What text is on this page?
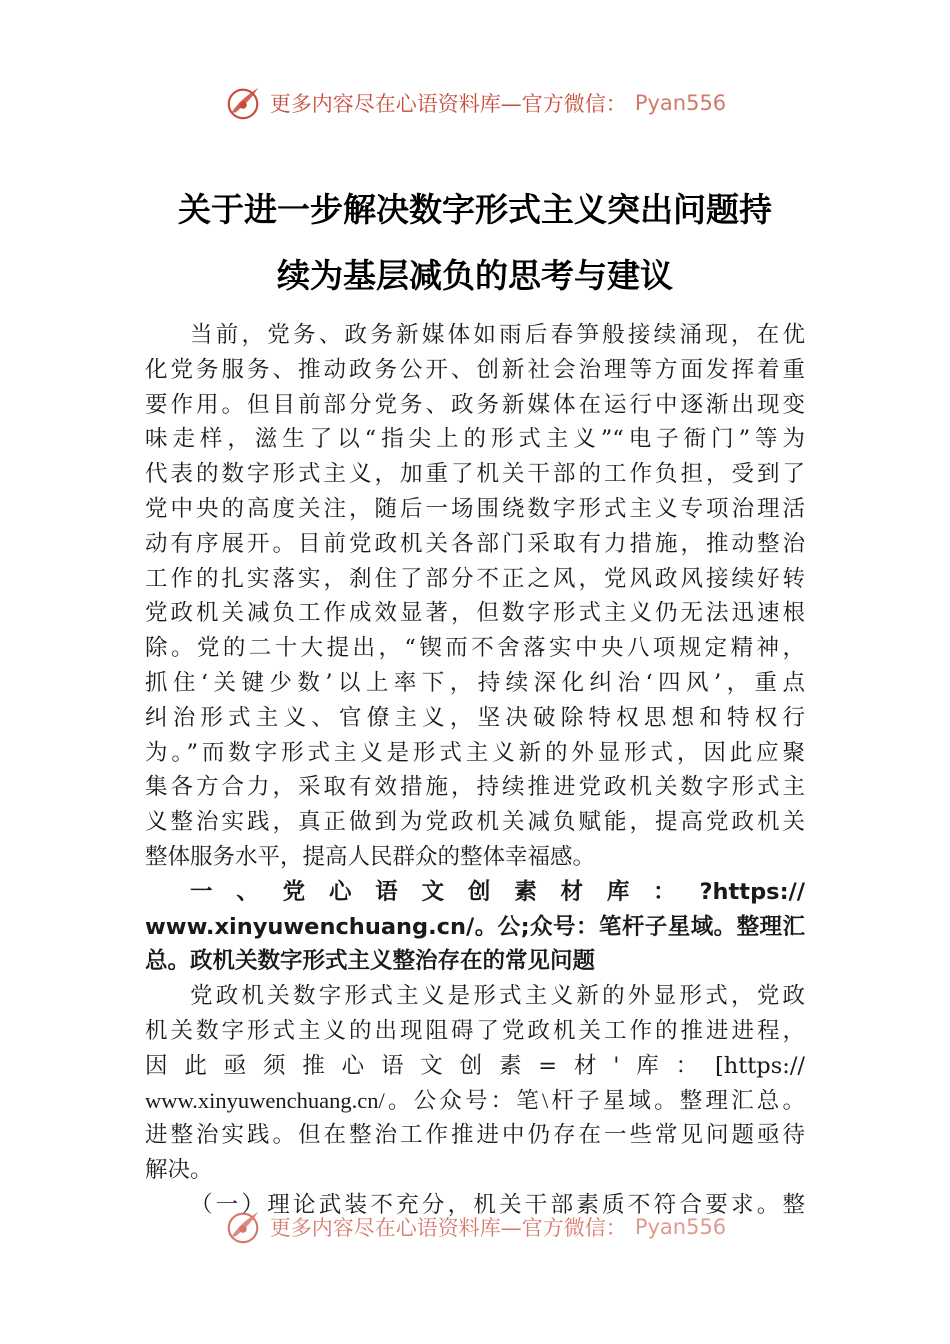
更多内容尽在心语资料库—官方微信： Pyan556
关于进一步解决数字形式主义突出问题持
续为基层减负的思考与建议
当前，党务、政务新媒体如雨后春笋般接续涌现，在优
化党务服务、推动政务公开、创新社会治理等方面发挥着重
要作用。但目前部分党务、政务新媒体在运行中逐渐出现变
味走样，滋生了以“指尖上的形式主义”“电子衙门”等为
代表的数字形式主义，加重了机关干部的工作负担，受到了
党中央的高度关注，随后一场围绕数字形式主义专项治理活
动有序展开。目前党政机关各部门采取有力措施，推动整治
工作的扎实落实，刹住了部分不正之风，党风政风接续好转
党政机关减负工作成效显著，但数字形式主义仍无法迅速根
除。党的二十大提出，“锲而不舍落实中央八项规定精神，
抓住‘关键少数’以上率下，持续深化纠治‘四风’，重点
纠治形式主义、官僚主义，坚决破除特权思想和特权行
为。”而数字形式主义是形式主义新的外显形式，因此应聚
集各方合力，采取有效措施，持续推进党政机关数字形式主
义整治实践，真正做到为党政机关减负赋能，提高党政机关
整体服务水平，提高人民群众的整体幸福感。
一、党心语文创素材库：?https://
www.xinyuwenchuang.cn/。公;众号：笔杆子星域。整理汇
总。政机关数字形式主义整治存在的常见问题
党政机关数字形式主义是形式主义新的外显形式，党政
机关数字形式主义的出现阻碍了党政机关工作的推进进程，
因此亟须推心语文创素=材'库：[https://
www.xinyuwenchuang.cn/。公众号：笔\杆子星域。整理汇总。
进整治实践。但在整治工作推进中仍存在一些常见问题亟待
解决。
（一）理论武装不充分，机关干部素质不符合要求。整
更多内容尽在心语资料库—官方微信： Pyan556
